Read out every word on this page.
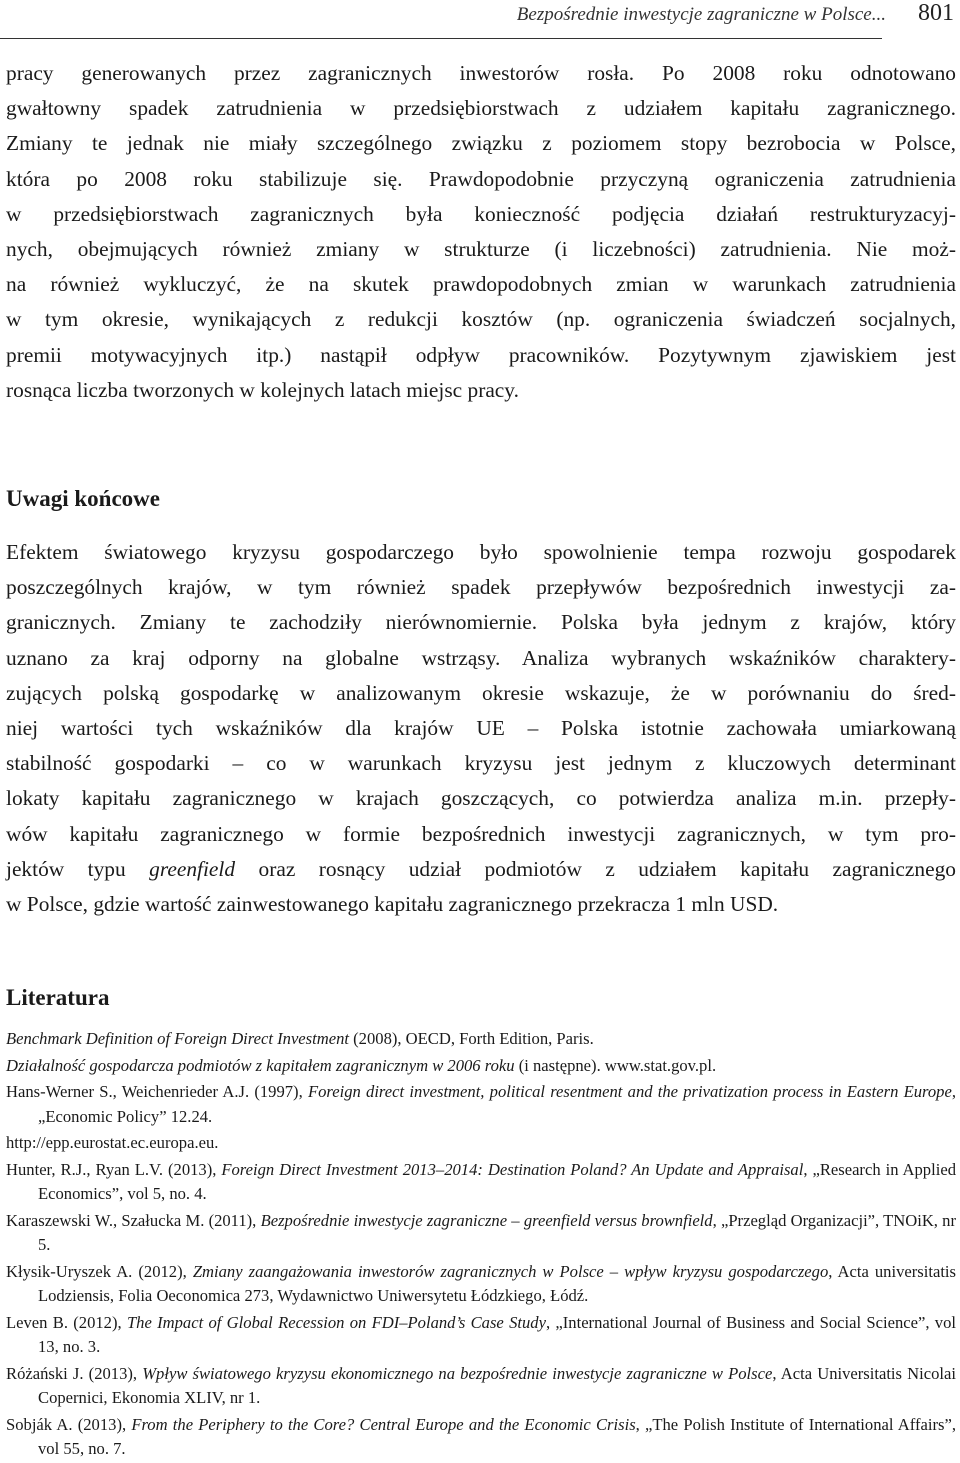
Bezpośrednie inwestycje zagraniczne w Polsce... 801
pracy generowanych przez zagranicznych inwestorów rosła. Po 2008 roku odnotowano
gwałtowny spadek zatrudnienia w przedsiębiorstwach z udziałem kapitału zagranicznego.
Zmiany te jednak nie miały szczególnego związku z poziomem stopy bezrobocia w Polsce,
która po 2008 roku stabilizuje się. Prawdopodobnie przyczyną ograniczenia zatrudnienia
w przedsiębiorstwach zagranicznych była konieczność podjęcia działań restrukturyzacyj-
nych, obejmujących również zmiany w strukturze (i liczebności) zatrudnienia. Nie moż-
na również wykluczyć, że na skutek prawdopodobnych zmian w warunkach zatrudnienia
w tym okresie, wynikających z redukcji kosztów (np. ograniczenia świadczeń socjalnych,
premii motywacyjnych itp.) nastąpił odpływ pracowników. Pozytywnym zjawiskiem jest
rosnąca liczba tworzonych w kolejnych latach miejsc pracy.
Uwagi końcowe
Efektem światowego kryzysu gospodarczego było spowolnienie tempa rozwoju gospodarek
poszczególnych krajów, w tym również spadek przepływów bezpośrednich inwestycji za-
granicznych. Zmiany te zachodziły nierównomiernie. Polska była jednym z krajów, który
uznano za kraj odporny na globalne wstrząsy. Analiza wybranych wskaźników charaktery-
zujących polską gospodarkę w analizowanym okresie wskazuje, że w porównaniu do śred-
niej wartości tych wskaźników dla krajów UE – Polska istotnie zachowała umiarkowaną
stabilność gospodarki – co w warunkach kryzysu jest jednym z kluczowych determinant
lokaty kapitału zagranicznego w krajach goszczących, co potwierdza analiza m.in. przepły-
wów kapitału zagranicznego w formie bezpośrednich inwestycji zagranicznych, w tym pro-
jektów typu greenfield oraz rosnący udział podmiotów z udziałem kapitału zagranicznego
w Polsce, gdzie wartość zainwestowanego kapitału zagranicznego przekracza 1 mln USD.
Literatura
Benchmark Definition of Foreign Direct Investment (2008), OECD, Forth Edition, Paris.
Działalność gospodarcza podmiotów z kapitałem zagranicznym w 2006 roku (i następne). www.stat.gov.pl.
Hans-Werner S., Weichenrieder A.J. (1997), Foreign direct investment, political resentment and the privatization process in Eastern Europe, „Economic Policy” 12.24.
http://epp.eurostat.ec.europa.eu.
Hunter, R.J., Ryan L.V. (2013), Foreign Direct Investment 2013–2014: Destination Poland? An Update and Appraisal, „Research in Applied Economics”, vol 5, no. 4.
Karaszewski W., Szałucka M. (2011), Bezpośrednie inwestycje zagraniczne – greenfield versus brownfield, „Przegląd Organizacji”, TNOiK, nr 5.
Kłysik-Uryszek A. (2012), Zmiany zaangażowania inwestorów zagranicznych w Polsce – wpływ kryzysu gospodarczego, Acta universitatis Lodziensis, Folia Oeconomica 273, Wydawnictwo Uniwersytetu Łódzkiego, Łódź.
Leven B. (2012), The Impact of Global Recession on FDI–Poland’s Case Study, „International Journal of Business and Social Science”, vol 13, no. 3.
Różański J. (2013), Wpływ światowego kryzysu ekonomicznego na bezpośrednie inwestycje zagraniczne w Polsce, Acta Universitatis Nicolai Copernici, Ekonomia XLIV, nr 1.
Sobják A. (2013), From the Periphery to the Core? Central Europe and the Economic Crisis, „The Polish Institute of International Affairs”, vol 55, no. 7.
